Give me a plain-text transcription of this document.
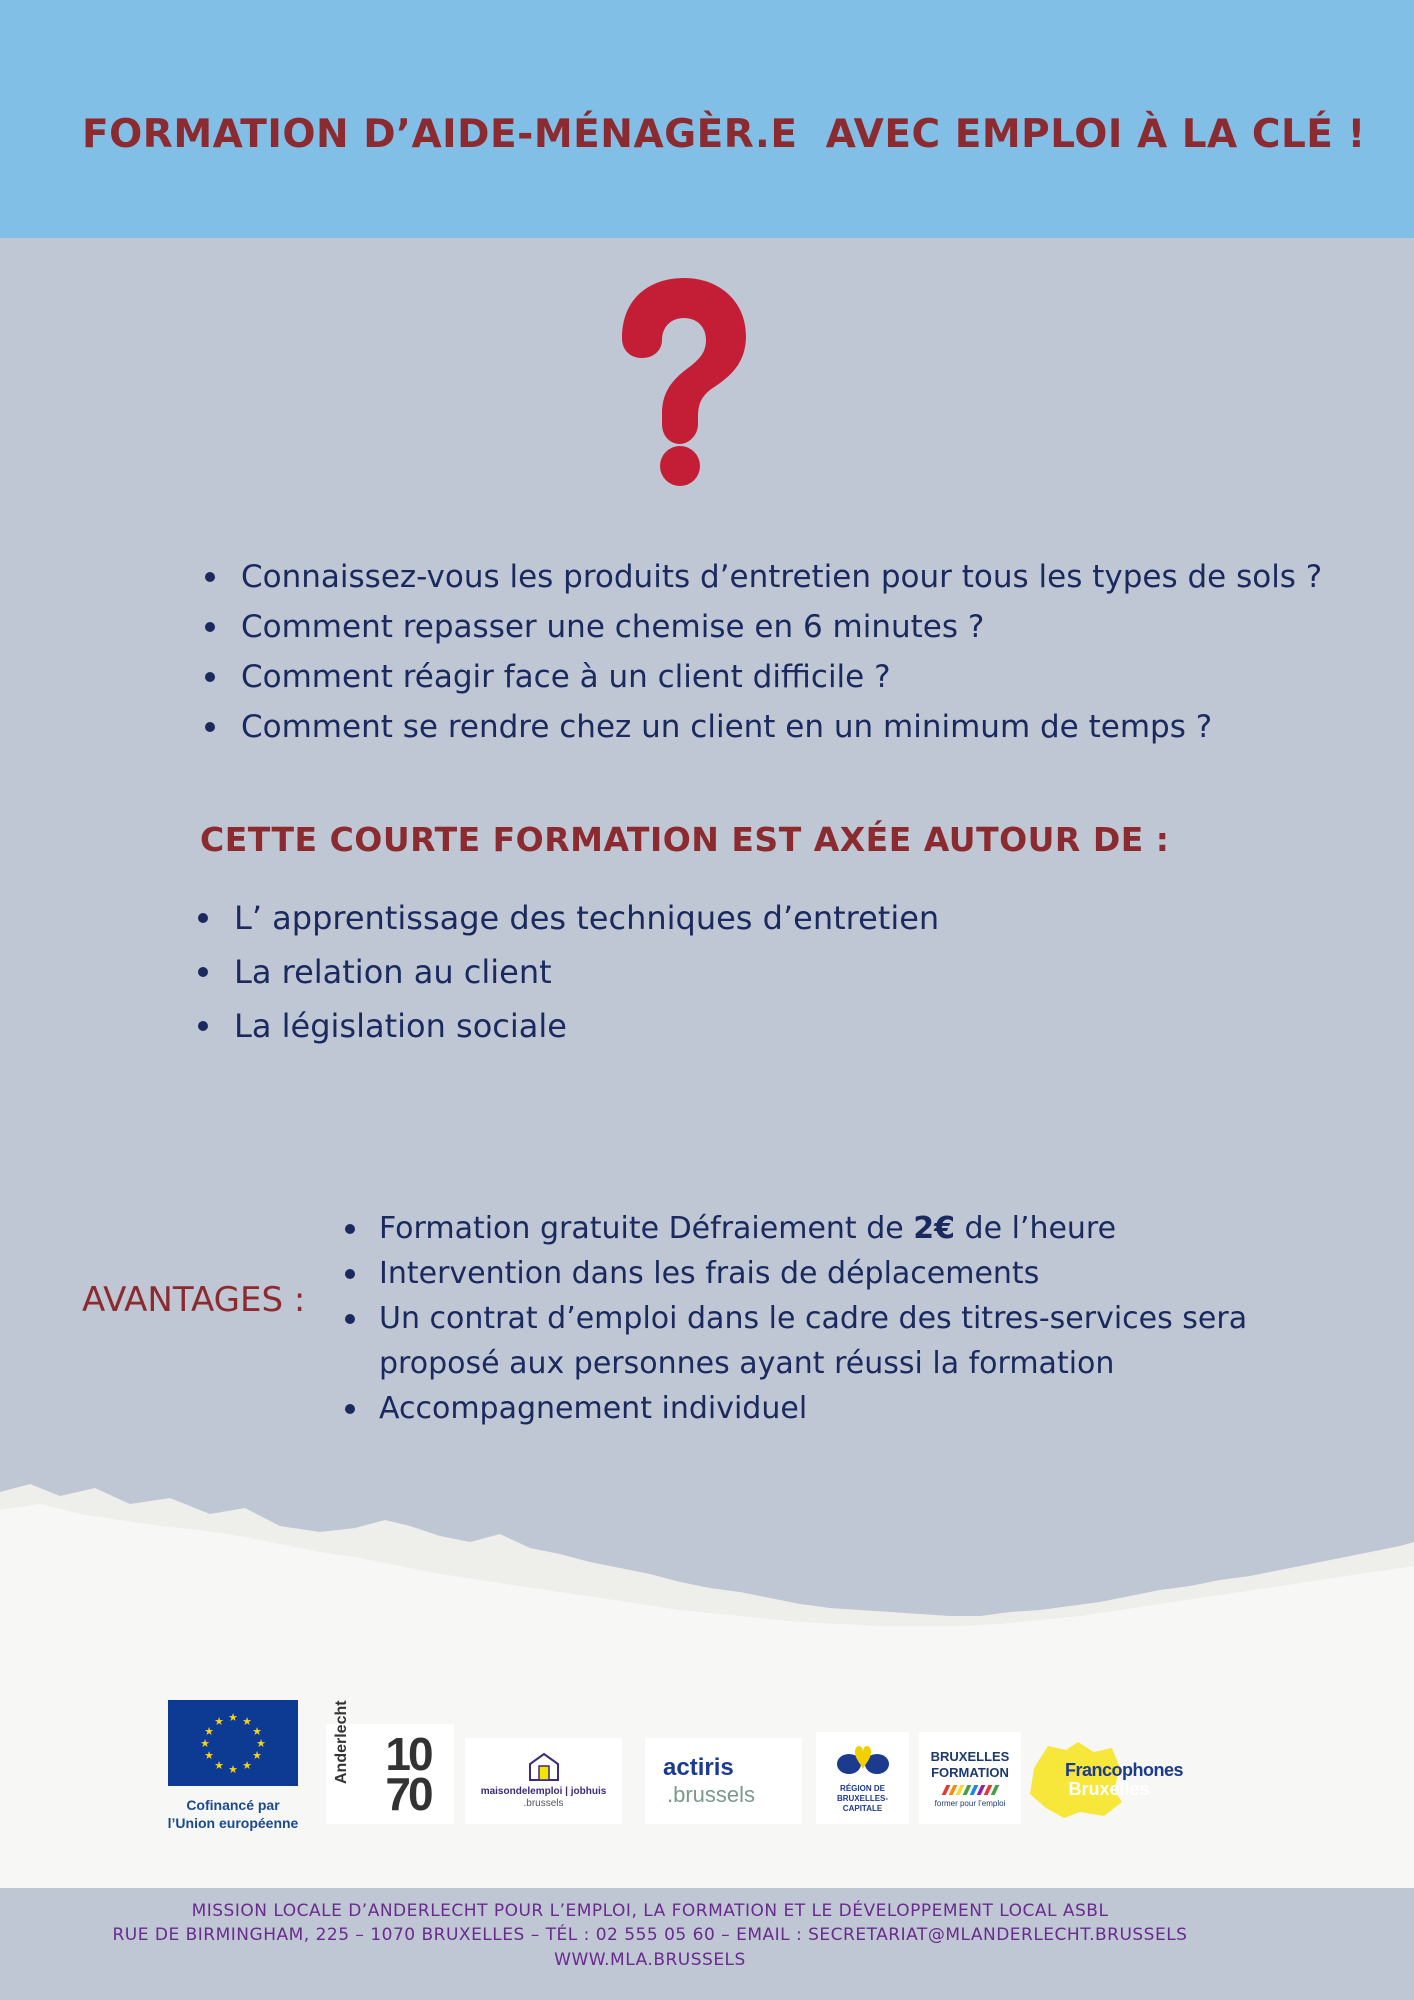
FORMATION D’AIDE-MÉNAGÈR.E  AVEC EMPLOI À LA CLÉ !
Connaissez-vous les produits d’entretien pour tous les types de sols ?
Comment repasser une chemise en 6 minutes ?
Comment réagir face à un client difficile ?
Comment se rendre chez un client en un minimum de temps ?
CETTE COURTE FORMATION EST AXÉE AUTOUR DE :
L’ apprentissage des techniques d’entretien
La relation au client
La législation sociale
AVANTAGES :
Formation gratuite Défraiement de 2€ de l’heure
Intervention dans les frais de déplacements
Un contrat d’emploi dans le cadre des titres-services sera proposé aux personnes ayant réussi la formation
Accompagnement individuel
★ ★
★
★
★
★
★
★
★
★
★
★
Cofinancé par
l’Union européenne
Anderlecht 10
70	maisondelemploi | jobhuis
.brussels
actiris
.brussels	RÉGION DE
BRUXELLES-
CAPITALE
BRUXELLES
FORMATION
former pour l’emploi
Francophones
Bruxelles
MISSION LOCALE D’ANDERLECHT POUR L’EMPLOI, LA FORMATION ET LE DÉVELOPPEMENT LOCAL ASBL
RUE DE BIRMINGHAM, 225 – 1070 BRUXELLES – TÉL : 02 555 05 60 – EMAIL : SECRETARIAT@MLANDERLECHT.BRUSSELS
WWW.MLA.BRUSSELS
